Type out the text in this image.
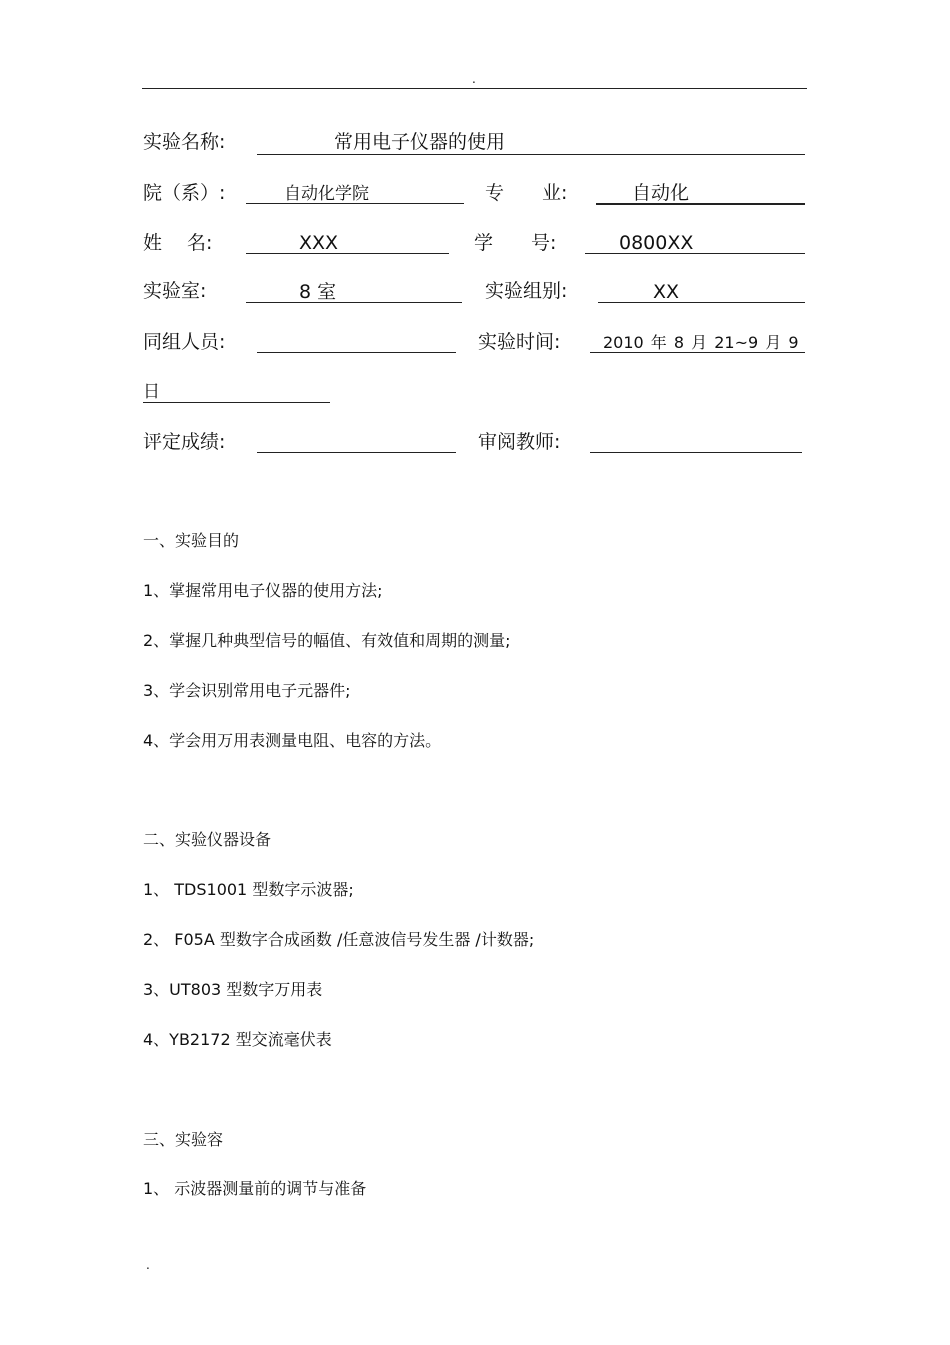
.
实验名称:	常用电子仪器的使用
院（系）:	自动化学院	专　　业:	自动化
姓　 名:	XXX	学　　号:	0800XX
实验室:	8 室	实验组别:	XX
同组人员:	实验时间:	2010 年 8 月 21~9 月 9
日
评定成绩:	审阅教师:
一、实验目的
1、掌握常用电子仪器的使用方法;
2、掌握几种典型信号的幅值、有效值和周期的测量;
3、学会识别常用电子元器件;
4、学会用万用表测量电阻、电容的方法。
二、实验仪器设备
1、 TDS1001 型数字示波器;
2、 F05A 型数字合成函数 /任意波信号发生器 /计数器;
3、UT803 型数字万用表
4、YB2172 型交流毫伏表
三、实验容
1、 示波器测量前的调节与准备
.
